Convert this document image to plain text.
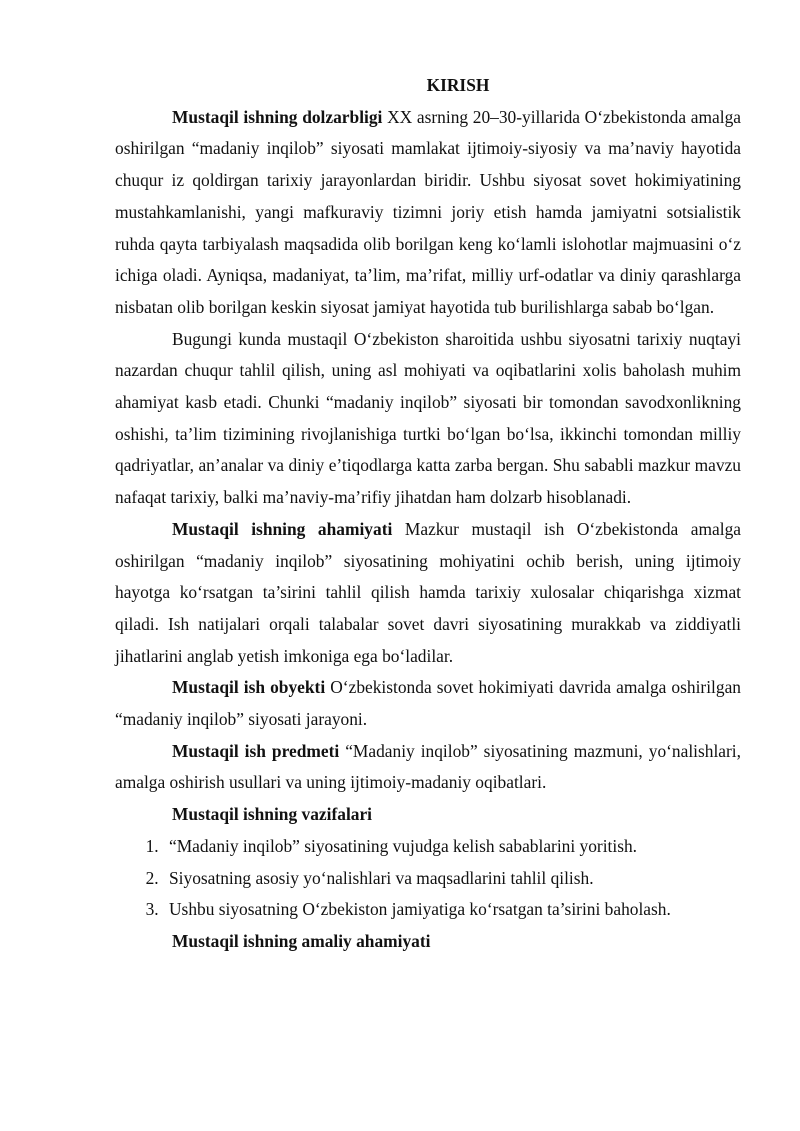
KIRISH

Mustaqil ishning dolzarbligi XX asrning 20–30-yillarida O‘zbekistonda amalga oshirilgan “madaniy inqilob” siyosati mamlakat ijtimoiy-siyosiy va ma’naviy hayotida chuqur iz qoldirgan tarixiy jarayonlardan biridir. Ushbu siyosat sovet hokimiyatining mustahkamlanishi, yangi mafkuraviy tizimni joriy etish hamda jamiyatni sotsialistik ruhda qayta tarbiyalash maqsadida olib borilgan keng ko‘lamli islohotlar majmuasini o‘z ichiga oladi. Ayniqsa, madaniyat, ta’lim, ma’rifat, milliy urf-odatlar va diniy qarashlarga nisbatan olib borilgan keskin siyosat jamiyat hayotida tub burilishlarga sabab bo‘lgan.

Bugungi kunda mustaqil O‘zbekiston sharoitida ushbu siyosatni tarixiy nuqtayi nazardan chuqur tahlil qilish, uning asl mohiyati va oqibatlarini xolis baholash muhim ahamiyat kasb etadi. Chunki “madaniy inqilob” siyosati bir tomondan savodxonlikning oshishi, ta’lim tizimining rivojlanishiga turtki bo‘lgan bo‘lsa, ikkinchi tomondan milliy qadriyatlar, an’analar va diniy e’tiqodlarga katta zarba bergan. Shu sababli mazkur mavzu nafaqat tarixiy, balki ma’naviy-ma’rifiy jihatdan ham dolzarb hisoblanadi.

Mustaqil ishning ahamiyati Mazkur mustaqil ish O‘zbekistonda amalga oshirilgan “madaniy inqilob” siyosatining mohiyatini ochib berish, uning ijtimoiy hayotga ko‘rsatgan ta’sirini tahlil qilish hamda tarixiy xulosalar chiqarishga xizmat qiladi. Ish natijalari orqali talabalar sovet davri siyosatining murakkab va ziddiyatli jihatlarini anglab yetish imkoniga ega bo‘ladilar.

Mustaqil ish obyekti O‘zbekistonda sovet hokimiyati davrida amalga oshirilgan “madaniy inqilob” siyosati jarayoni.

Mustaqil ish predmeti “Madaniy inqilob” siyosatining mazmuni, yo‘nalishlari, amalga oshirish usullari va uning ijtimoiy-madaniy oqibatlari.

Mustaqil ishning vazifalari
1. “Madaniy inqilob” siyosatining vujudga kelish sabablarini yoritish.
2. Siyosatning asosiy yo‘nalishlari va maqsadlarini tahlil qilish.
3. Ushbu siyosatning O‘zbekiston jamiyatiga ko‘rsatgan ta’sirini baholash.
Mustaqil ishning amaliy ahamiyati
